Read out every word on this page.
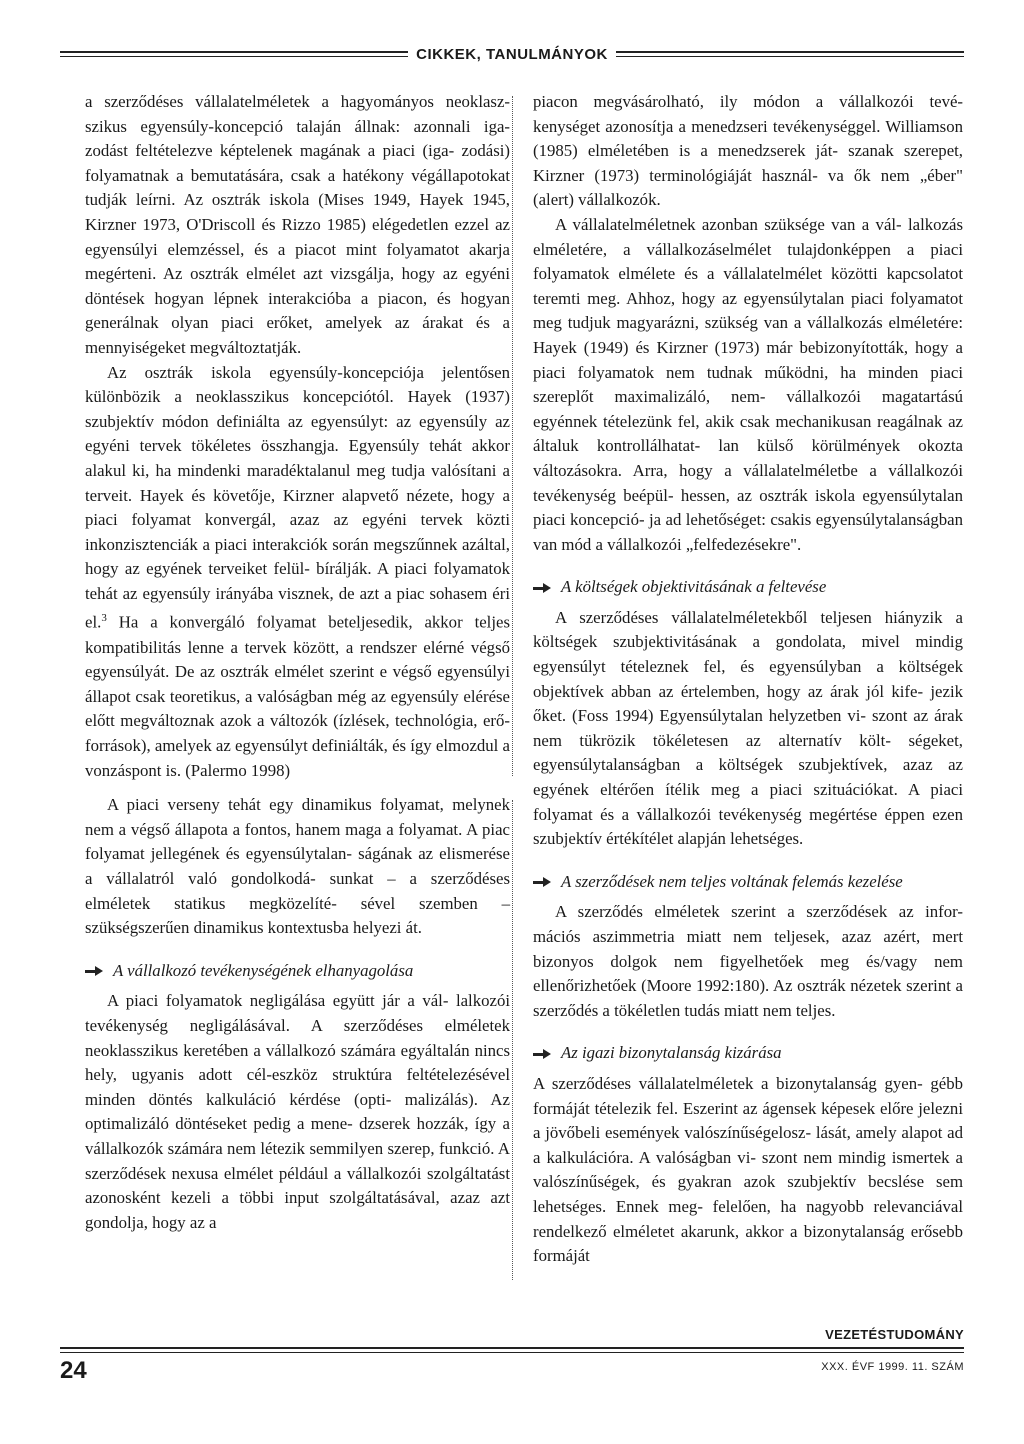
CIKKEK, TANULMÁNYOK

a szerződéses vállalatelméletek a hagyományos neoklasz- szikus egyensúly-koncepció talaján állnak: azonnali iga- zodást feltételezve képtelenek magának a piaci (iga- zodási) folyamatnak a bemutatására, csak a hatékony végállapotokat tudják leírni. Az osztrák iskola (Mises 1949, Hayek 1945, Kirzner 1973, O'Driscoll és Rizzo 1985) elégedetlen ezzel az egyensúlyi elemzéssel, és a piacot mint folyamatot akarja megérteni. Az osztrák elmélet azt vizsgálja, hogy az egyéni döntések hogyan lépnek interakcióba a piacon, és hogyan generálnak olyan piaci erőket, amelyek az árakat és a mennyiségeket megváltoztatják.

Az osztrák iskola egyensúly-koncepciója jelentősen különbözik a neoklasszikus koncepciótól. Hayek (1937) szubjektív módon definiálta az egyensúlyt: az egyensúly az egyéni tervek tökéletes összhangja. Egyensúly tehát akkor alakul ki, ha mindenki maradéktalanul meg tudja valósítani a terveit. Hayek és követője, Kirzner alapvető nézete, hogy a piaci folyamat konvergál, azaz az egyéni tervek közti inkonzisztenciák a piaci interakciók során megszűnnek azáltal, hogy az egyének terveiket felül- bírálják. A piaci folyamatok tehát az egyensúly irányába visznek, de azt a piac sohasem éri el.$^3$ Ha a konvergáló folyamat beteljesedik, akkor teljes kompatibilitás lenne a tervek között, a rendszer elérné végső egyensúlyát. De az osztrák elmélet szerint e végső egyensúlyi állapot csak teoretikus, a valóságban még az egyensúly elérése előtt megváltoznak azok a változók (ízlések, technológia, erő- források), amelyek az egyensúlyt definiálták, és így elmozdul a vonzáspont is. (Palermo 1998)

A piaci verseny tehát egy dinamikus folyamat, melynek nem a végső állapota a fontos, hanem maga a folyamat. A piac folyamat jellegének és egyensúlytalan- ságának az elismerése a vállalatról való gondolkodá- sunkat – a szerződéses elméletek statikus megközelíté- sével szemben – szükségszerűen dinamikus kontextusba helyezi át.

A vállalkozó tevékenységének elhanyagolása

A piaci folyamatok negligálása együtt jár a vál- lalkozói tevékenység negligálásával. A szerződéses elméletek neoklasszikus keretében a vállalkozó számára egyáltalán nincs hely, ugyanis adott cél-eszköz struktúra feltételezésével minden döntés kalkuláció kérdése (opti- malizálás). Az optimalizáló döntéseket pedig a mene- dzserek hozzák, így a vállalkozók számára nem létezik semmilyen szerep, funkció. A szerződések nexusa elmélet például a vállalkozói szolgáltatást azonosként kezeli a többi input szolgáltatásával, azaz azt gondolja, hogy az a

piacon megvásárolható, ily módon a vállalkozói tevé- kenységet azonosítja a menedzseri tevékenységgel. Williamson (1985) elméletében is a menedzserek ját- szanak szerepet, Kirzner (1973) terminológiáját használ- va ők nem „éber" (alert) vállalkozók.

A vállalatelméletnek azonban szüksége van a vál- lalkozás elméletére, a vállalkozáselmélet tulajdonképpen a piaci folyamatok elmélete és a vállalatelmélet közötti kapcsolatot teremti meg. Ahhoz, hogy az egyensúlytalan piaci folyamatot meg tudjuk magyarázni, szükség van a vállalkozás elméletére: Hayek (1949) és Kirzner (1973) már bebizonyították, hogy a piaci folyamatok nem tudnak működni, ha minden piaci szereplőt maximalizáló, nem- vállalkozói magatartású egyénnek tételezünk fel, akik csak mechanikusan reagálnak az általuk kontrollálhatat- lan külső körülmények okozta változásokra. Arra, hogy a vállalatelméletbe a vállalkozói tevékenység beépül- hessen, az osztrák iskola egyensúlytalan piaci koncepció- ja ad lehetőséget: csakis egyensúlytalanságban van mód a vállalkozói „felfedezésekre".

A költségek objektivitásának a feltevése

A szerződéses vállalatelméletekből teljesen hiányzik a költségek szubjektivitásának a gondolata, mivel mindig egyensúlyt tételeznek fel, és egyensúlyban a költségek objektívek abban az értelemben, hogy az árak jól kife- jezik őket. (Foss 1994) Egyensúlytalan helyzetben vi- szont az árak nem tükrözik tökéletesen az alternatív költ- ségeket, egyensúlytalanságban a költségek szubjektívek, azaz az egyének eltérően ítélik meg a piaci szituációkat. A piaci folyamat és a vállalkozói tevékenység megértése éppen ezen szubjektív értékítélet alapján lehetséges.

A szerződések nem teljes voltának felemás kezelése

A szerződés elméletek szerint a szerződések az infor- mációs aszimmetria miatt nem teljesek, azaz azért, mert bizonyos dolgok nem figyelhetőek meg és/vagy nem ellenőrizhetőek (Moore 1992:180). Az osztrák nézetek szerint a szerződés a tökéletlen tudás miatt nem teljes.

Az igazi bizonytalanság kizárása

A szerződéses vállalatelméletek a bizonytalanság gyen- gébb formáját tételezik fel. Eszerint az ágensek képesek előre jelezni a jövőbeli események valószínűségelosz- lását, amely alapot ad a kalkulációra. A valóságban vi- szont nem mindig ismertek a valószínűségek, és gyakran azok szubjektív becslése sem lehetséges. Ennek meg- felelően, ha nagyobb relevanciával rendelkező elméletet akarunk, akkor a bizonytalanság erősebb formáját

VEZETÉSTUDOMÁNY
24	XXX. ÉVF 1999. 11. SZÁM
